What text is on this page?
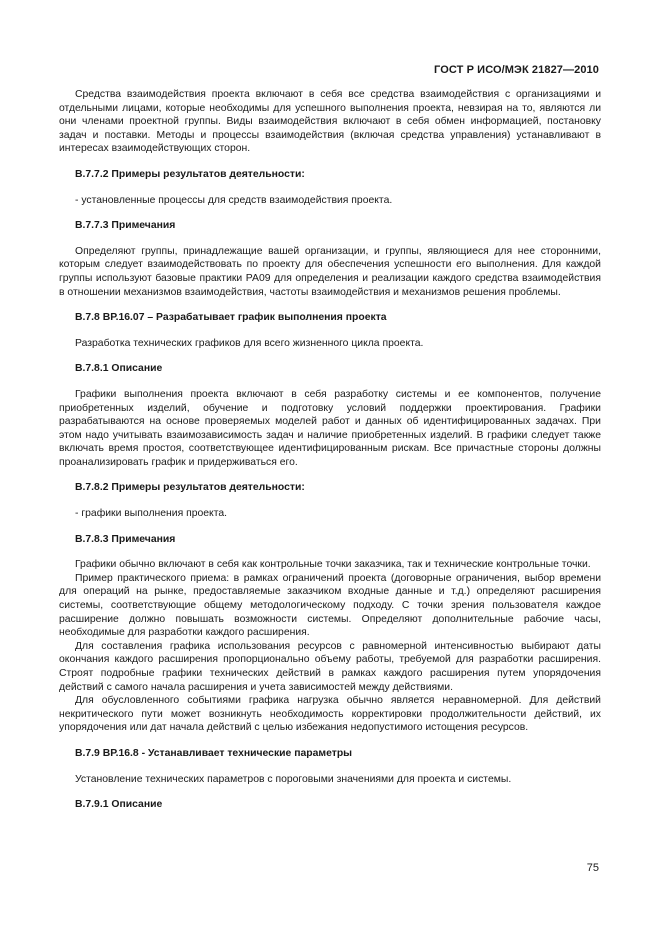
ГОСТ Р ИСО/МЭК 21827—2010

Средства взаимодействия проекта включают в себя все средства взаимодействия с организациями и отдельными лицами, которые необходимы для успешного выполнения проекта, невзирая на то, являются ли они членами проектной группы. Виды взаимодействия включают в себя обмен информацией, постановку задач и поставки. Методы и процессы взаимодействия (включая средства управления) устанавливают в интересах взаимодействующих сторон.

В.7.7.2 Примеры результатов деятельности:

- установленные процессы для средств взаимодействия проекта.

В.7.7.3 Примечания

Определяют группы, принадлежащие вашей организации, и группы, являющиеся для нее сторонними, которым следует взаимодействовать по проекту для обеспечения успешности его выполнения. Для каждой группы используют базовые практики РА09 для определения и реализации каждого средства взаимодействия в отношении механизмов взаимодействия, частоты взаимодействия и механизмов решения проблемы.

В.7.8 ВР.16.07 – Разрабатывает график выполнения проекта

Разработка технических графиков для всего жизненного цикла проекта.

В.7.8.1 Описание

Графики выполнения проекта включают в себя разработку системы и ее компонентов, получение приобретенных изделий, обучение и подготовку условий поддержки проектирования. Графики разрабатываются на основе проверяемых моделей работ и данных об идентифицированных задачах. При этом надо учитывать взаимозависимость задач и наличие приобретенных изделий. В графики следует также включать время простоя, соответствующее идентифицированным рискам. Все причастные стороны должны проанализировать график и придерживаться его.

В.7.8.2 Примеры результатов деятельности:

- графики выполнения проекта.

В.7.8.3 Примечания

Графики обычно включают в себя как контрольные точки заказчика, так и технические контрольные точки.

Пример практического приема: в рамках ограничений проекта (договорные ограничения, выбор времени для операций на рынке, предоставляемые заказчиком входные данные и т.д.) определяют расширения системы, соответствующие общему методологическому подходу. С точки зрения пользователя каждое расширение должно повышать возможности системы. Определяют дополнительные рабочие часы, необходимые для разработки каждого расширения.

Для составления графика использования ресурсов с равномерной интенсивностью выбирают даты окончания каждого расширения пропорционально объему работы, требуемой для разработки расширения. Строят подробные графики технических действий в рамках каждого расширения путем упорядочения действий с самого начала расширения и учета зависимостей между действиями.

Для обусловленного событиями графика нагрузка обычно является неравномерной. Для действий некритического пути может возникнуть необходимость корректировки продолжительности действий, их упорядочения или дат начала действий с целью избежания недопустимого истощения ресурсов.

В.7.9 ВР.16.8 - Устанавливает технические параметры

Установление технических параметров с пороговыми значениями для проекта и системы.

В.7.9.1 Описание

75
